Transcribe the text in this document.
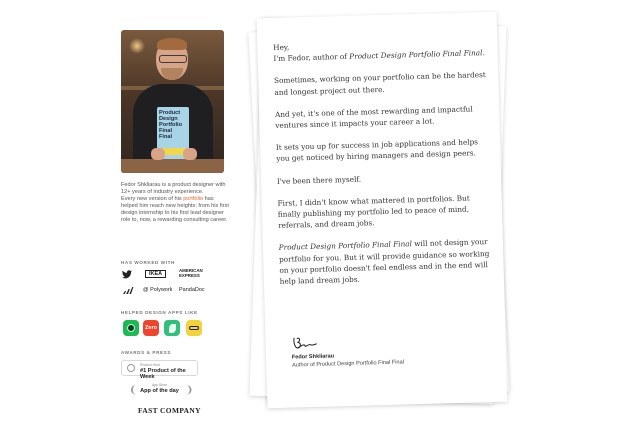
Product
Design
Portfolio
Final
Final
Fedor Shkliarau is a product designer with 12+ years of industry experience.
Every new version of his portfolio has helped him reach new heights: from his first design internship to his first lead designer role to, now, a rewarding consulting career.
HAS WORKED WITH
IKEA
AMERICAN EXPRESS
@ Polywork PandaDoc
HELPED DESIGN APPS LIKE
Zero
AWARDS & PRESS
Product Hunt
#1 Product of the Week
❨	App Store
App of the day ❩
FAST COMPANY

Hey,
I'm Fedor, author of Product Design Portfolio Final Final.

Sometimes, working on your portfolio can be the hardest and longest project out there.

And yet, it's one of the most rewarding and impactful ventures since it impacts your career a lot.

It sets you up for success in job applications and helps you get noticed by hiring managers and design peers.

I've been there myself.

First, I didn't know what mattered in portfolios. But finally publishing my portfolio led to peace of mind, referrals, and dream jobs.

Product Design Portfolio Final Final will not design your portfolio for you. But it will provide guidance so working on your portfolio doesn't feel endless and in the end will help land dream jobs.

Fedor Shkliarau
Author of Product Design Portfolio Final Final
